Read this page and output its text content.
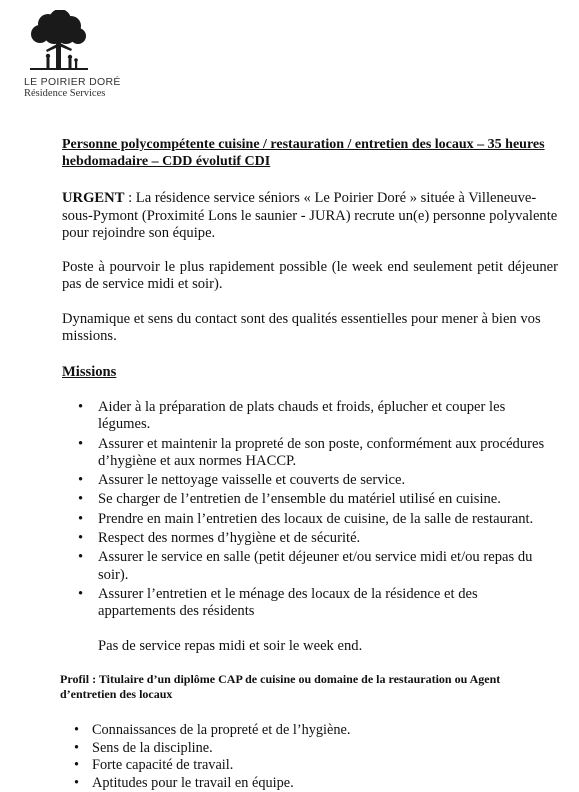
LE POIRIER DORÉ
Résidence Services

Personne polycompétente cuisine / restauration / entretien des locaux – 35 heures hebdomadaire – CDD évolutif CDI

URGENT : La résidence service séniors « Le Poirier Doré » située à Villeneuve-sous-Pymont (Proximité Lons le saunier - JURA) recrute un(e) personne polyvalente pour rejoindre son équipe.

Poste à pourvoir le plus rapidement possible (le week end seulement petit déjeuner pas de service midi et soir).

Dynamique et sens du contact sont des qualités essentielles pour mener à bien vos missions.

Missions

• Aider à la préparation de plats chauds et froids, éplucher et couper les légumes.
• Assurer et maintenir la propreté de son poste, conformément aux procédures d’hygiène et aux normes HACCP.
• Assurer le nettoyage vaisselle et couverts de service.
• Se charger de l’entretien de l’ensemble du matériel utilisé en cuisine.
• Prendre en main l’entretien des locaux de cuisine, de la salle de restaurant.
• Respect des normes d’hygiène et de sécurité.
• Assurer le service en salle (petit déjeuner et/ou service midi et/ou repas du soir).
• Assurer l’entretien et le ménage des locaux de la résidence et des appartements des résidents

Pas de service repas midi et soir le week end.

Profil : Titulaire d’un diplôme CAP de cuisine ou domaine de la restauration ou Agent d’entretien des locaux

• Connaissances de la propreté et de l’hygiène.
• Sens de la discipline.
• Forte capacité de travail.
• Aptitudes pour le travail en équipe.
